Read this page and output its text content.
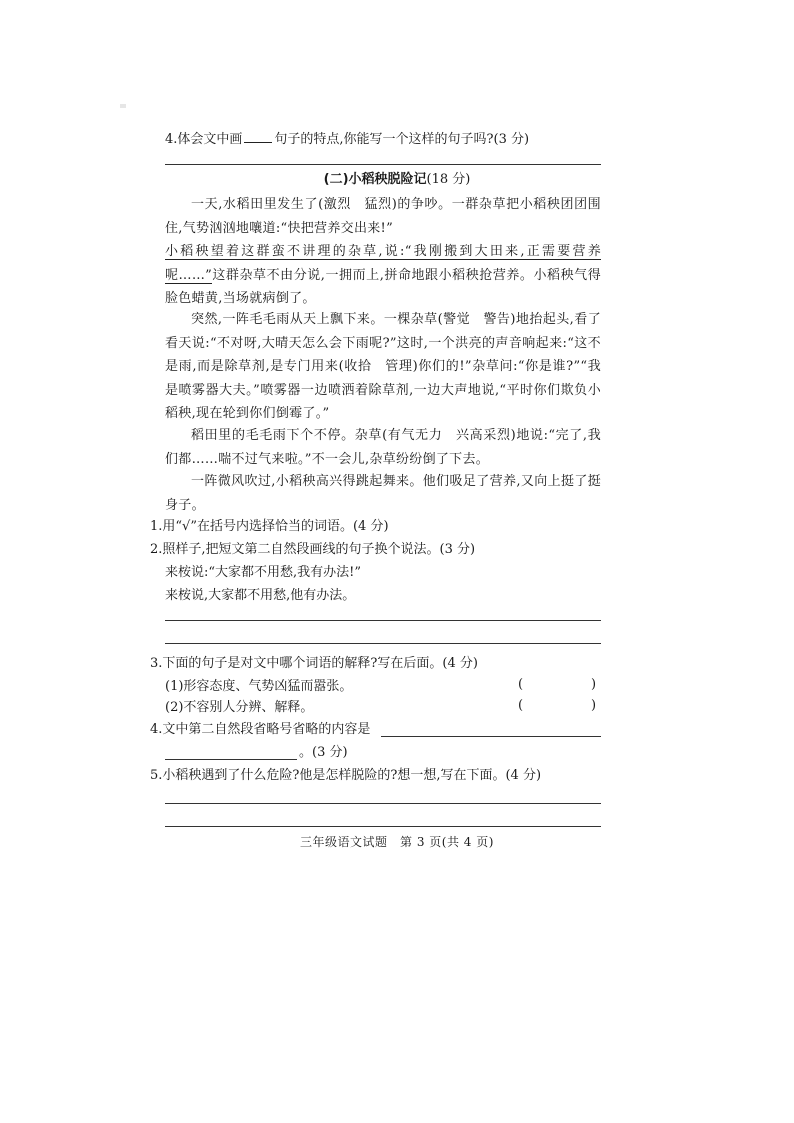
4.体会文中画 句子的特点,你能写一个这样的句子吗?(3 分)
(二)小稻秧脱险记(18 分)
一天,水稻田里发生了(激烈　猛烈)的争吵。一群杂草把小稻秧团团围住,气势汹汹地嚷道:“快把营养交出来!”
小稻秧望着这群蛮不讲理的杂草,说:“我刚搬到大田来,正需要营养呢……”这群杂草不由分说,一拥而上,拼命地跟小稻秧抢营养。小稻秧气得脸色蜡黄,当场就病倒了。
突然,一阵毛毛雨从天上飘下来。一棵杂草(警觉　警告)地抬起头,看了看天说:“不对呀,大晴天怎么会下雨呢?”这时,一个洪亮的声音响起来:“这不是雨,而是除草剂,是专门用来(收拾　管理)你们的!”杂草问:“你是谁?”“我是喷雾器大夫。”喷雾器一边喷洒着除草剂,一边大声地说,“平时你们欺负小稻秧,现在轮到你们倒霉了。”
稻田里的毛毛雨下个不停。杂草(有气无力　兴高采烈)地说:“完了,我们都……喘不过气来啦。”不一会儿,杂草纷纷倒了下去。
一阵微风吹过,小稻秧高兴得跳起舞来。他们吸足了营养,又向上挺了挺身子。
1.用“√”在括号内选择恰当的词语。(4 分)
2.照样子,把短文第二自然段画线的句子换个说法。(3 分)
来桉说:“大家都不用愁,我有办法!”
来桉说,大家都不用愁,他有办法。
3.下面的句子是对文中哪个词语的解释?写在后面。(4 分)
(1)形容态度、气势凶猛而嚣张。	(	)
(2)不容别人分辨、解释。	(	)
4.文中第二自然段省略号省略的内容是
。(3 分)
5.小稻秧遇到了什么危险?他是怎样脱险的?想一想,写在下面。(4 分)
三年级语文试题　第 3 页(共 4 页)
